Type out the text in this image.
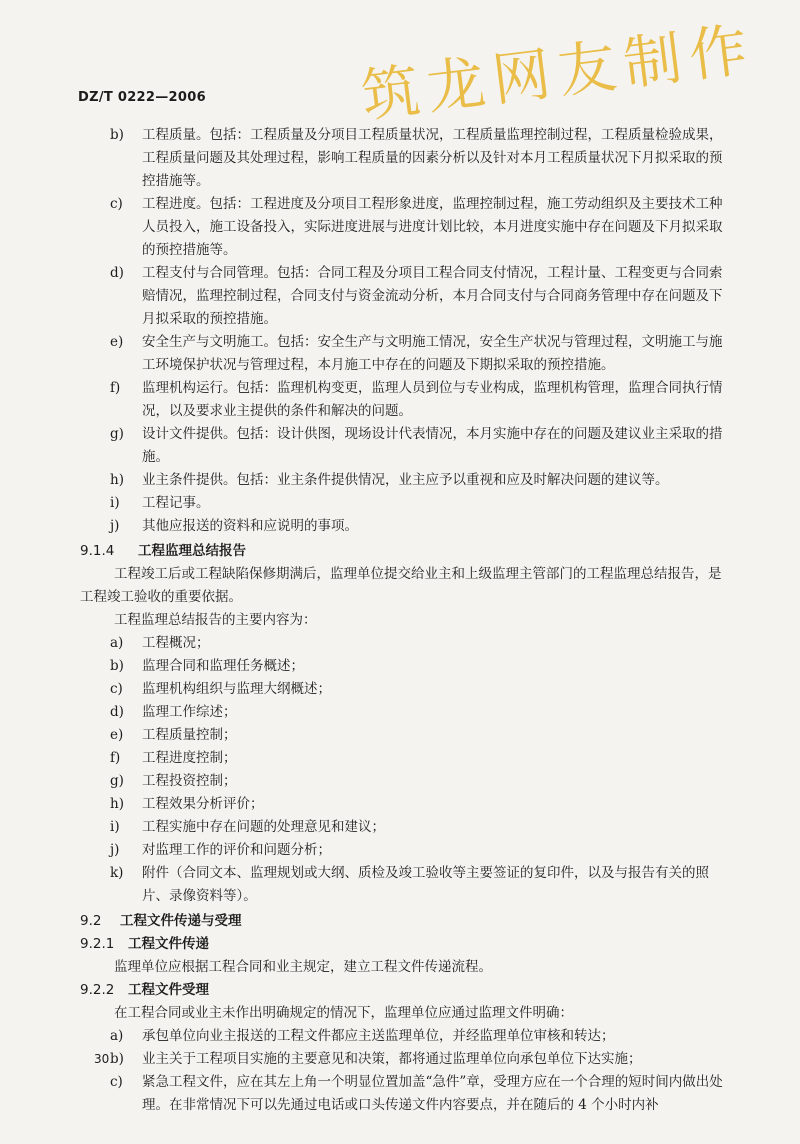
DZ/T 0222—2006	筑龙网友制作
b) 工程质量。包括：工程质量及分项目工程质量状况，工程质量监理控制过程，工程质量检验成果，工程质量问题及其处理过程，影响工程质量的因素分析以及针对本月工程质量状况下月拟采取的预控措施等。
c) 工程进度。包括：工程进度及分项目工程形象进度，监理控制过程，施工劳动组织及主要技术工种人员投入，施工设备投入，实际进度进展与进度计划比较，本月进度实施中存在问题及下月拟采取的预控措施等。
d) 工程支付与合同管理。包括：合同工程及分项目工程合同支付情况，工程计量、工程变更与合同索赔情况，监理控制过程，合同支付与资金流动分析，本月合同支付与合同商务管理中存在问题及下月拟采取的预控措施。
e) 安全生产与文明施工。包括：安全生产与文明施工情况，安全生产状况与管理过程，文明施工与施工环境保护状况与管理过程，本月施工中存在的问题及下期拟采取的预控措施。
f) 监理机构运行。包括：监理机构变更，监理人员到位与专业构成，监理机构管理，监理合同执行情况，以及要求业主提供的条件和解决的问题。
g) 设计文件提供。包括：设计供图，现场设计代表情况，本月实施中存在的问题及建议业主采取的措施。
h) 业主条件提供。包括：业主条件提供情况，业主应予以重视和应及时解决问题的建议等。
i) 工程记事。
j) 其他应报送的资料和应说明的事项。
9.1.4 工程监理总结报告
工程竣工后或工程缺陷保修期满后，监理单位提交给业主和上级监理主管部门的工程监理总结报告，是工程竣工验收的重要依据。
工程监理总结报告的主要内容为：
a) 工程概况；
b) 监理合同和监理任务概述；
c) 监理机构组织与监理大纲概述；
d) 监理工作综述；
e) 工程质量控制；
f) 工程进度控制；
g) 工程投资控制；
h) 工程效果分析评价；
i) 工程实施中存在问题的处理意见和建议；
j) 对监理工作的评价和问题分析；
k) 附件（合同文本、监理规划或大纲、质检及竣工验收等主要签证的复印件，以及与报告有关的照片、录像资料等）。
9.2 工程文件传递与受理
9.2.1 工程文件传递
监理单位应根据工程合同和业主规定，建立工程文件传递流程。
9.2.2 工程文件受理
在工程合同或业主未作出明确规定的情况下，监理单位应通过监理文件明确：
a) 承包单位向业主报送的工程文件都应主送监理单位，并经监理单位审核和转达；
b) 业主关于工程项目实施的主要意见和决策，都将通过监理单位向承包单位下达实施；
c) 紧急工程文件，应在其左上角一个明显位置加盖“急件”章，受理方应在一个合理的短时间内做出处理。在非常情况下可以先通过电话或口头传递文件内容要点，并在随后的 4 个小时内补
30
